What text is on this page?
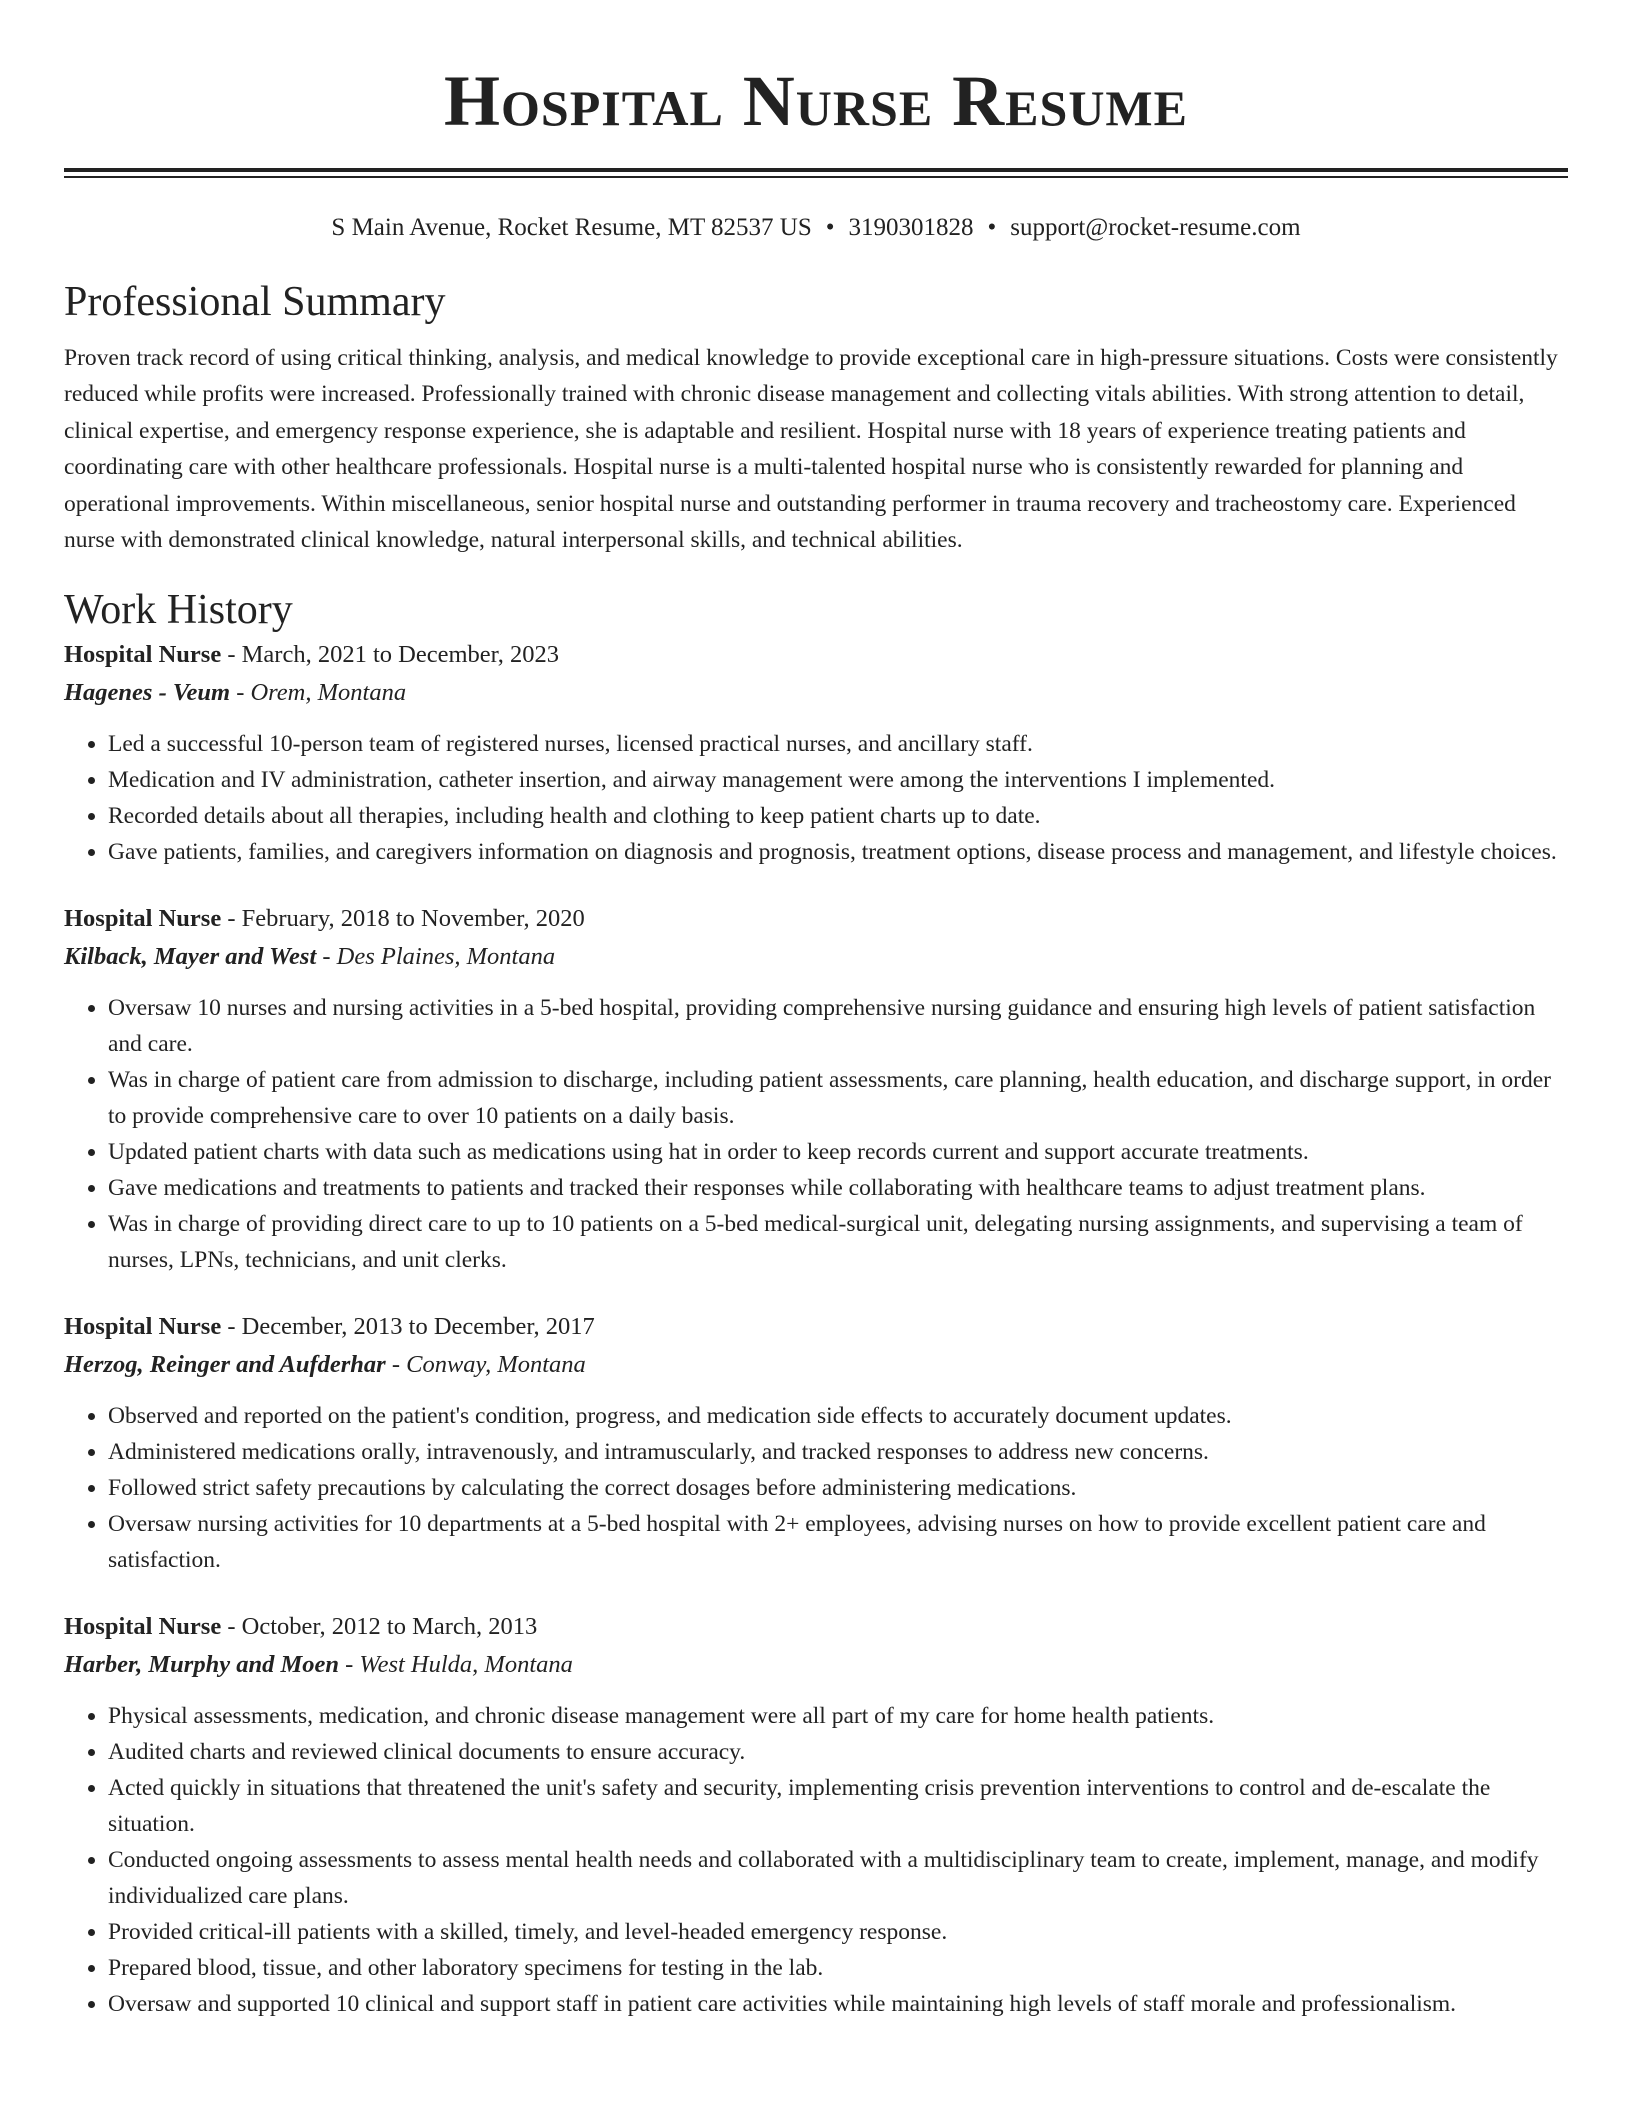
Hospital Nurse Resume
S Main Avenue, Rocket Resume, MT 82537 US • 3190301828 • support@rocket-resume.com
Professional Summary
Proven track record of using critical thinking, analysis, and medical knowledge to provide exceptional care in high-pressure situations. Costs were consistently reduced while profits were increased. Professionally trained with chronic disease management and collecting vitals abilities. With strong attention to detail, clinical expertise, and emergency response experience, she is adaptable and resilient. Hospital nurse with 18 years of experience treating patients and coordinating care with other healthcare professionals. Hospital nurse is a multi-talented hospital nurse who is consistently rewarded for planning and operational improvements. Within miscellaneous, senior hospital nurse and outstanding performer in trauma recovery and tracheostomy care. Experienced nurse with demonstrated clinical knowledge, natural interpersonal skills, and technical abilities.
Work History
Hospital Nurse - March, 2021 to December, 2023
Hagenes - Veum - Orem, Montana
• Led a successful 10-person team of registered nurses, licensed practical nurses, and ancillary staff.
• Medication and IV administration, catheter insertion, and airway management were among the interventions I implemented.
• Recorded details about all therapies, including health and clothing to keep patient charts up to date.
• Gave patients, families, and caregivers information on diagnosis and prognosis, treatment options, disease process and management, and lifestyle choices.
Hospital Nurse - February, 2018 to November, 2020
Kilback, Mayer and West - Des Plaines, Montana
• Oversaw 10 nurses and nursing activities in a 5-bed hospital, providing comprehensive nursing guidance and ensuring high levels of patient satisfaction and care.
• Was in charge of patient care from admission to discharge, including patient assessments, care planning, health education, and discharge support, in order to provide comprehensive care to over 10 patients on a daily basis.
• Updated patient charts with data such as medications using hat in order to keep records current and support accurate treatments.
• Gave medications and treatments to patients and tracked their responses while collaborating with healthcare teams to adjust treatment plans.
• Was in charge of providing direct care to up to 10 patients on a 5-bed medical-surgical unit, delegating nursing assignments, and supervising a team of nurses, LPNs, technicians, and unit clerks.
Hospital Nurse - December, 2013 to December, 2017
Herzog, Reinger and Aufderhar - Conway, Montana
• Observed and reported on the patient's condition, progress, and medication side effects to accurately document updates.
• Administered medications orally, intravenously, and intramuscularly, and tracked responses to address new concerns.
• Followed strict safety precautions by calculating the correct dosages before administering medications.
• Oversaw nursing activities for 10 departments at a 5-bed hospital with 2+ employees, advising nurses on how to provide excellent patient care and satisfaction.
Hospital Nurse - October, 2012 to March, 2013
Harber, Murphy and Moen - West Hulda, Montana
• Physical assessments, medication, and chronic disease management were all part of my care for home health patients.
• Audited charts and reviewed clinical documents to ensure accuracy.
• Acted quickly in situations that threatened the unit's safety and security, implementing crisis prevention interventions to control and de-escalate the situation.
• Conducted ongoing assessments to assess mental health needs and collaborated with a multidisciplinary team to create, implement, manage, and modify individualized care plans.
• Provided critical-ill patients with a skilled, timely, and level-headed emergency response.
• Prepared blood, tissue, and other laboratory specimens for testing in the lab.
• Oversaw and supported 10 clinical and support staff in patient care activities while maintaining high levels of staff morale and professionalism.
